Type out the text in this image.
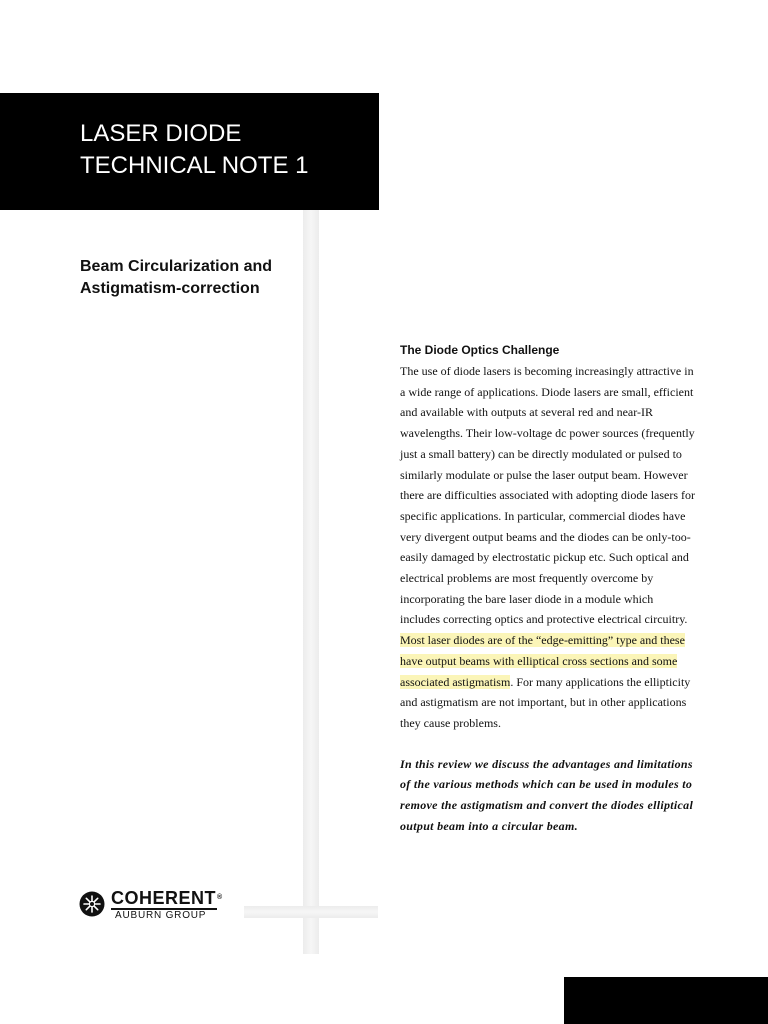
LASER DIODE
TECHNICAL NOTE 1
Beam Circularization and
Astigmatism-correction
The Diode Optics Challenge
The use of diode lasers is becoming increasingly attractive in
a wide range of applications. Diode lasers are small, efficient
and available with outputs at several red and near-IR
wavelengths. Their low-voltage dc power sources (frequently
just a small battery) can be directly modulated or pulsed to
similarly modulate or pulse the laser output beam. However
there are difficulties associated with adopting diode lasers for
specific applications. In particular, commercial diodes have
very divergent output beams and the diodes can be only-too-
easily damaged by electrostatic pickup etc. Such optical and
electrical problems are most frequently overcome by
incorporating the bare laser diode in a module which
includes correcting optics and protective electrical circuitry.
Most laser diodes are of the “edge-emitting” type and these
have output beams with elliptical cross sections and some
associated astigmatism. For many applications the ellipticity
and astigmatism are not important, but in other applications
they cause problems.
In this review we discuss the advantages and limitations
of the various methods which can be used in modules to
remove the astigmatism and convert the diodes elliptical
output beam into a circular beam.
COHERENT®
AUBURN GROUP
